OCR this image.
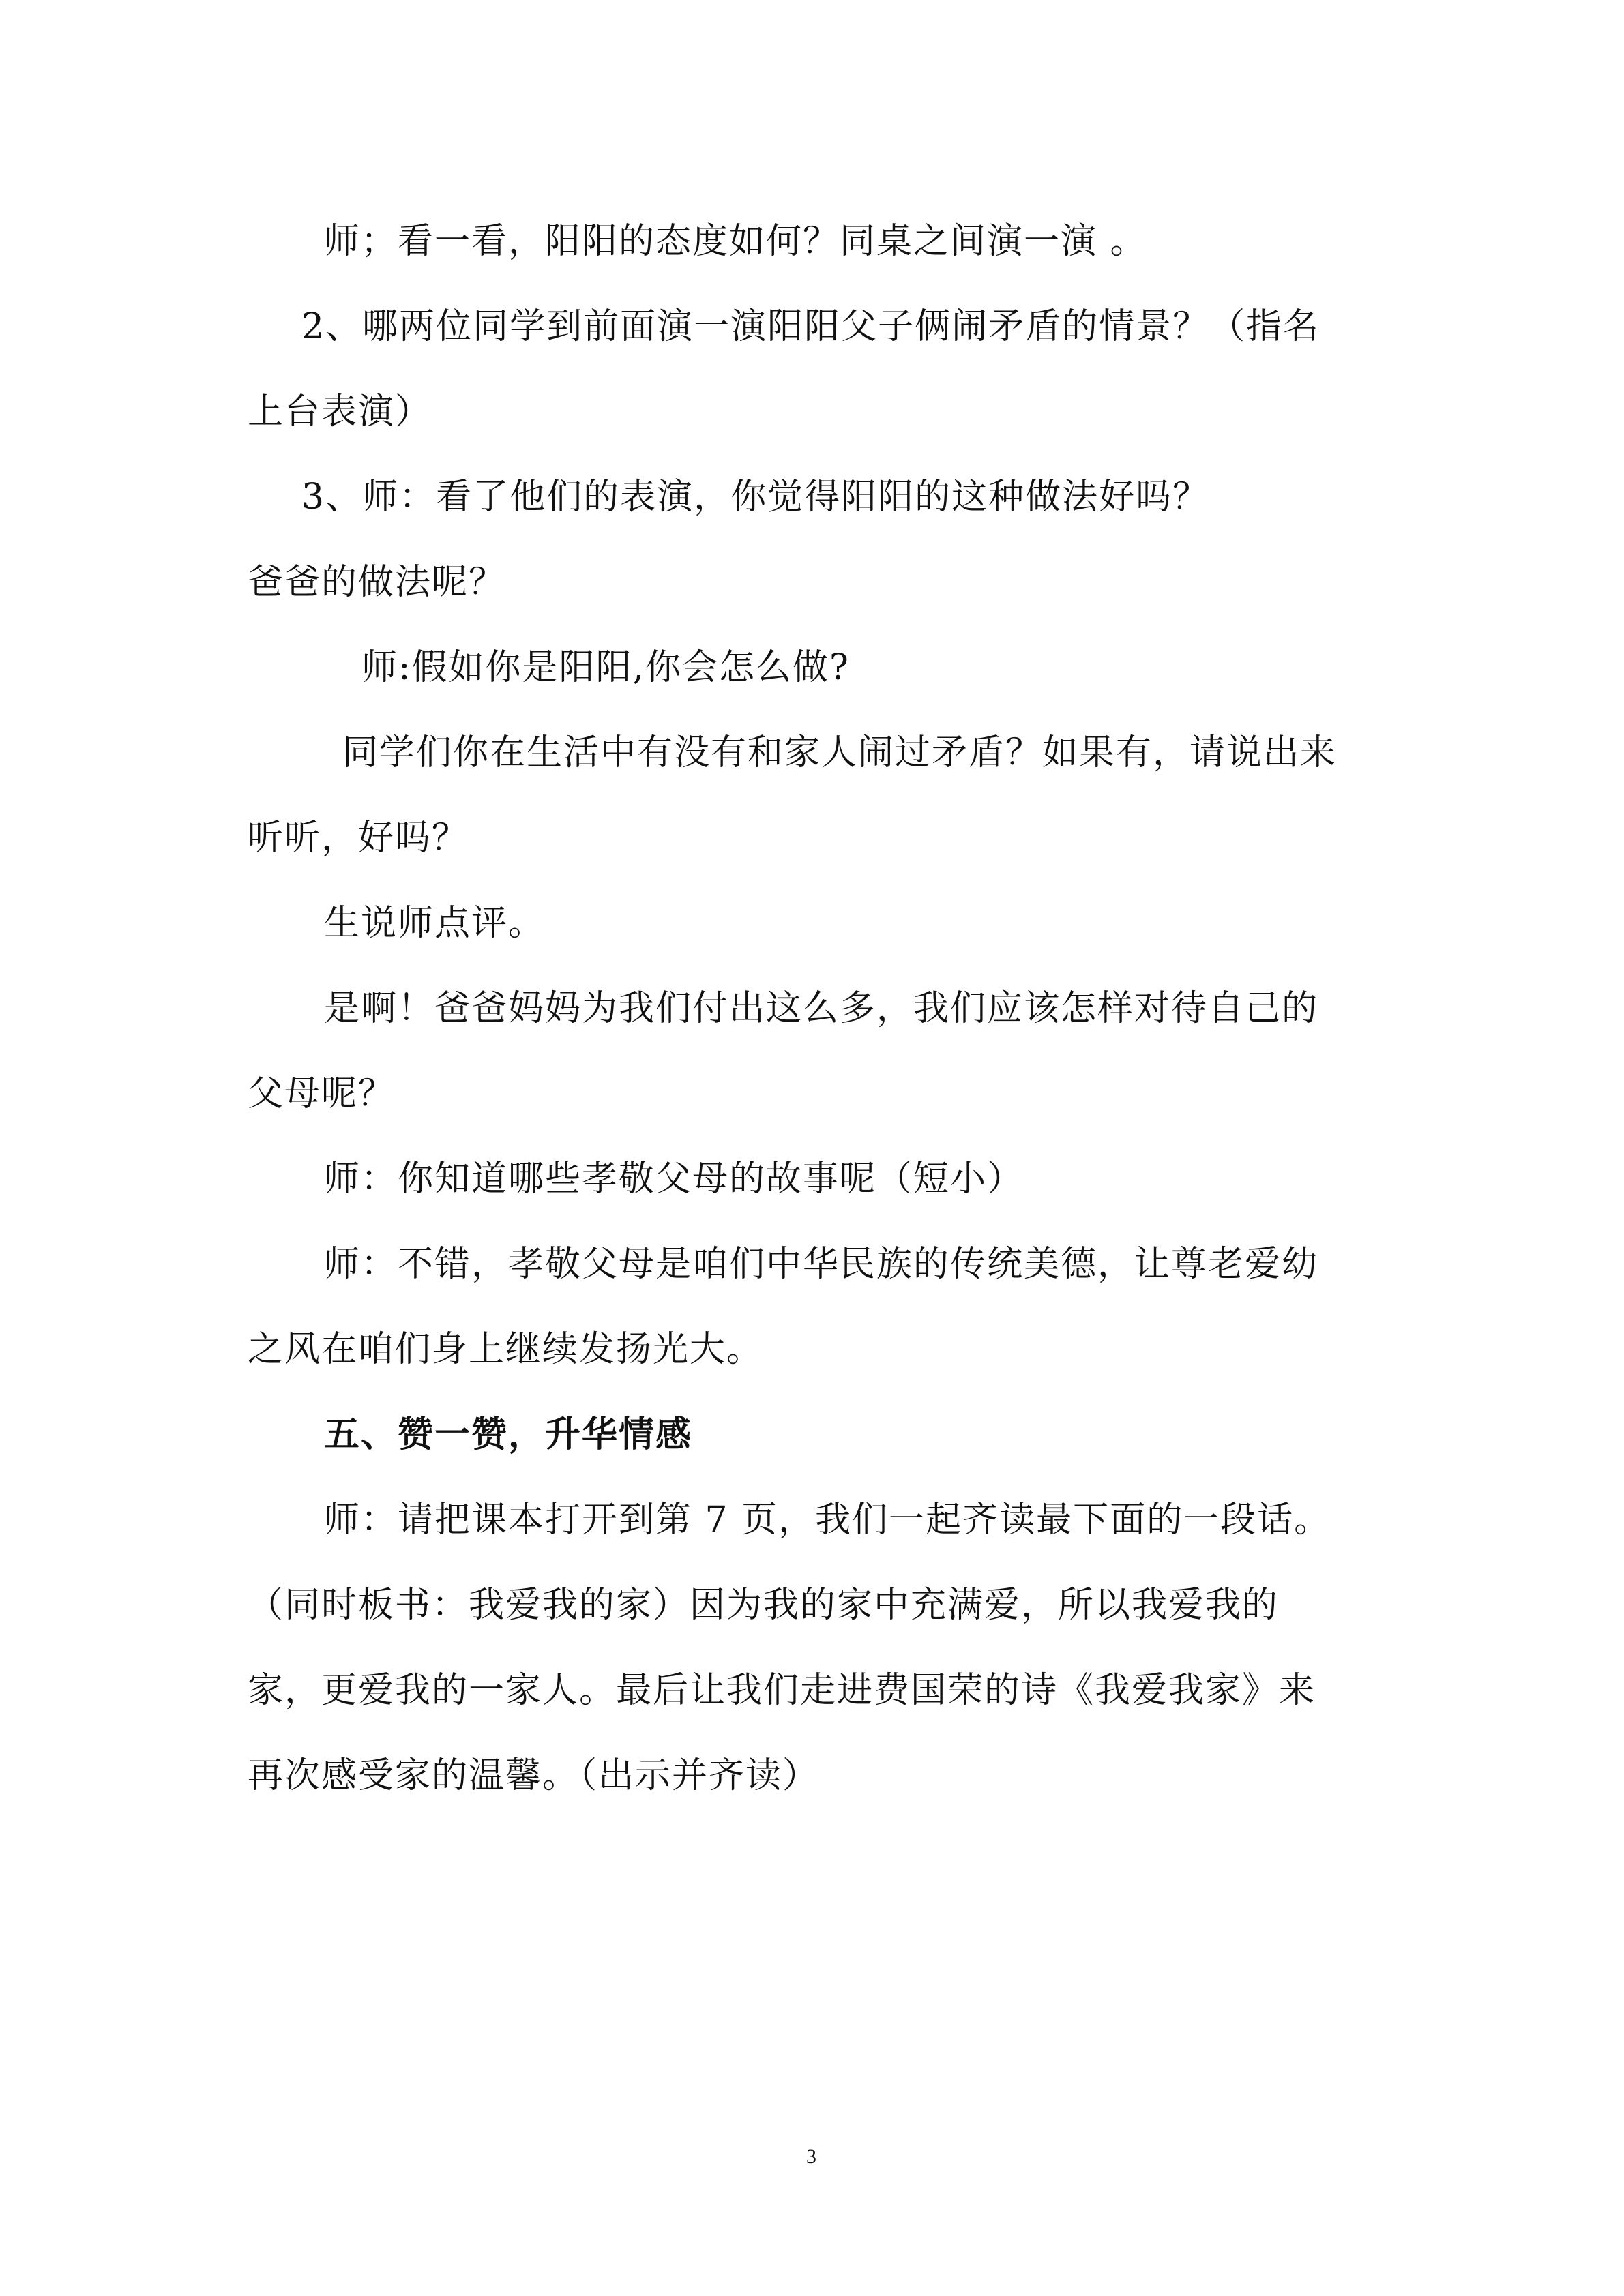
师；看一看，阳阳的态度如何？同桌之间演一演 。
2、哪两位同学到前面演一演阳阳父子俩闹矛盾的情景？（指名
上台表演）
3、师：看了他们的表演，你觉得阳阳的这种做法好吗？
爸爸的做法呢？
师:假如你是阳阳,你会怎么做?
同学们你在生活中有没有和家人闹过矛盾？如果有，请说出来
听听，好吗？
生说师点评。
是啊！爸爸妈妈为我们付出这么多，我们应该怎样对待自己的
父母呢？
师：你知道哪些孝敬父母的故事呢（短小）
师：不错，孝敬父母是咱们中华民族的传统美德，让尊老爱幼
之风在咱们身上继续发扬光大。
五、赞一赞，升华情感
师：请把课本打开到第 7 页，我们一起齐读最下面的一段话。
（同时板书：我爱我的家）因为我的家中充满爱，所以我爱我的
家，更爱我的一家人。最后让我们走进费国荣的诗《我爱我家》来
再次感受家的温馨。（出示并齐读）
3
